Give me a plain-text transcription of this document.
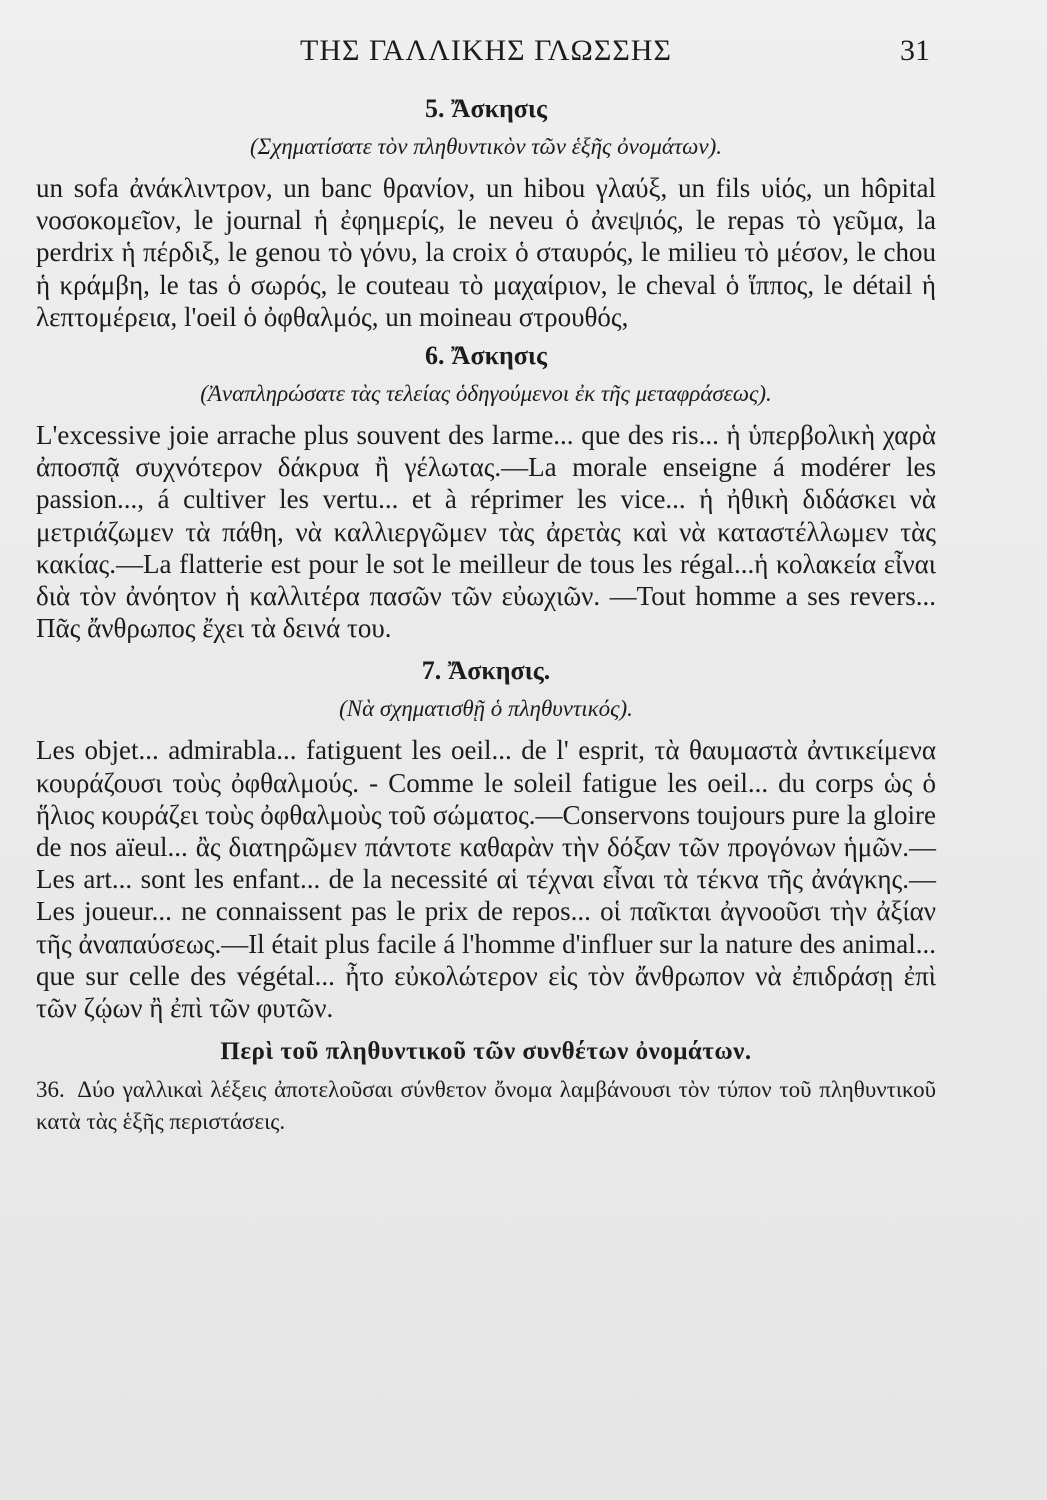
ΤΗΣ ΓΑΛΛΙΚΗΣ ΓΛΩΣΣΗΣ	31
5. Ἄσκησις

(Σχηματίσατε τὸν πληθυντικὸν τῶν ἑξῆς ὀνομάτων).

un sofa ἀνάκλιντρον, un banc θρανίον, un hibou γλαύξ, un fils υἱός, un hôpital νοσοκομεῖον, le journal ἡ ἐφημερίς, le neveu ὁ ἀνεψιός, le repas τὸ γεῦμα, la perdrix ἡ πέρδιξ, le genou τὸ γόνυ, la croix ὁ σταυρός, le milieu τὸ μέσον, le chou ἡ κράμβη, le tas ὁ σωρός, le couteau τὸ μαχαίριον, le cheval ὁ ἵππος, le détail ἡ λεπτομέρεια, l'oeil ὁ ὀφθαλμός, un moineau στρουθός,

6. Ἄσκησις

(Ἀναπληρώσατε τὰς τελείας ὁδηγούμενοι ἐκ τῆς μεταφράσεως).

L'excessive joie arrache plus souvent des larme... que des ris... ἡ ὑπερβολικὴ χαρὰ ἀποσπᾷ συχνότερον δάκρυα ἢ γέλωτας.—La morale enseigne á modérer les passion..., á cultiver les vertu... et à réprimer les vice... ἡ ἠθικὴ διδάσκει νὰ μετριάζωμεν τὰ πάθη, νὰ καλλιεργῶμεν τὰς ἀρετὰς καὶ νὰ καταστέλλωμεν τὰς κακίας.—La flatterie est pour le sot le meilleur de tous les régal...ἡ κολακεία εἶναι διὰ τὸν ἀνόητον ἡ καλλιτέρα πασῶν τῶν εὐωχιῶν. —Tout homme a ses revers... Πᾶς ἄνθρωπος ἔχει τὰ δεινά του.

7. Ἄσκησις.

(Νὰ σχηματισθῇ ὁ πληθυντικός).

Les objet... admirabla... fatiguent les oeil... de l' esprit, τὰ θαυμαστὰ ἀντικείμενα κουράζουσι τοὺς ὀφθαλμούς. - Comme le soleil fatigue les oeil... du corps ὡς ὁ ἥλιος κουράζει τοὺς ὀφθαλμοὺς τοῦ σώματος.—Conservons toujours pure la gloire de nos aïeul... ἂς διατηρῶμεν πάντοτε καθαρὰν τὴν δόξαν τῶν προγόνων ἡμῶν.—Les art... sont les enfant... de la necessité αἱ τέχναι εἶναι τὰ τέκνα τῆς ἀνάγκης.—Les joueur... ne connaissent pas le prix de repos... οἱ παῖκται ἀγνοοῦσι τὴν ἀξίαν τῆς ἀναπαύσεως.—Il était plus facile á l'homme d'influer sur la nature des animal... que sur celle des végétal... ἦτο εὐκολώτερον εἰς τὸν ἄνθρωπον νὰ ἐπιδράσῃ ἐπὶ τῶν ζῴων ἢ ἐπὶ τῶν φυτῶν.

Περὶ τοῦ πληθυντικοῦ τῶν συνθέτων ὀνομάτων.

36. Δύο γαλλικαὶ λέξεις ἀποτελοῦσαι σύνθετον ὄνομα λαμβάνουσι τὸν τύπον τοῦ πληθυντικοῦ κατὰ τὰς ἑξῆς περιστάσεις.
